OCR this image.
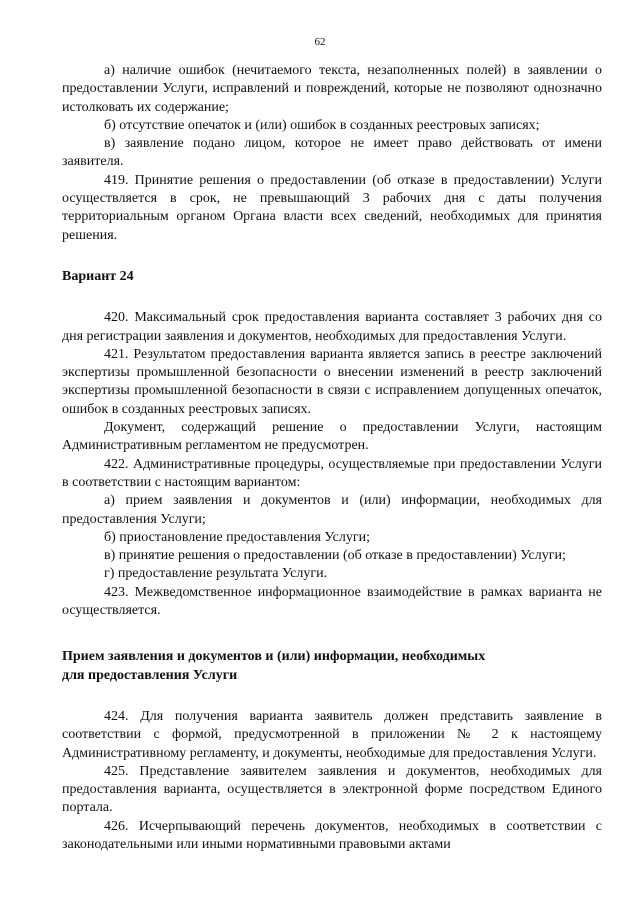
62

а) наличие ошибок (нечитаемого текста, незаполненных полей) в заявлении о предоставлении Услуги, исправлений и повреждений, которые не позволяют однозначно истолковать их содержание;

б) отсутствие опечаток и (или) ошибок в созданных реестровых записях;

в) заявление подано лицом, которое не имеет право действовать от имени заявителя.

419. Принятие решения о предоставлении (об отказе в предоставлении) Услуги осуществляется в срок, не превышающий 3 рабочих дня с даты получения территориальным органом Органа власти всех сведений, необходимых для принятия решения.

Вариант 24

420. Максимальный срок предоставления варианта составляет 3 рабочих дня со дня регистрации заявления и документов, необходимых для предоставления Услуги.

421. Результатом предоставления варианта является запись в реестре заключений экспертизы промышленной безопасности о внесении изменений в реестр заключений экспертизы промышленной безопасности в связи с исправлением допущенных опечаток, ошибок в созданных реестровых записях.

Документ, содержащий решение о предоставлении Услуги, настоящим Административным регламентом не предусмотрен.

422. Административные процедуры, осуществляемые при предоставлении Услуги в соответствии с настоящим вариантом:

а) прием заявления и документов и (или) информации, необходимых для предоставления Услуги;

б) приостановление предоставления Услуги;

в) принятие решения о предоставлении (об отказе в предоставлении) Услуги;

г) предоставление результата Услуги.

423. Межведомственное информационное взаимодействие в рамках варианта не осуществляется.

Прием заявления и документов и (или) информации, необходимых

для предоставления Услуги

424. Для получения варианта заявитель должен представить заявление в соответствии с формой, предусмотренной в приложении № 2 к настоящему Административному регламенту, и документы, необходимые для предоставления Услуги.

425. Представление заявителем заявления и документов, необходимых для предоставления варианта, осуществляется в электронной форме посредством Единого портала.

426. Исчерпывающий перечень документов, необходимых в соответствии с законодательными или иными нормативными правовыми актами
